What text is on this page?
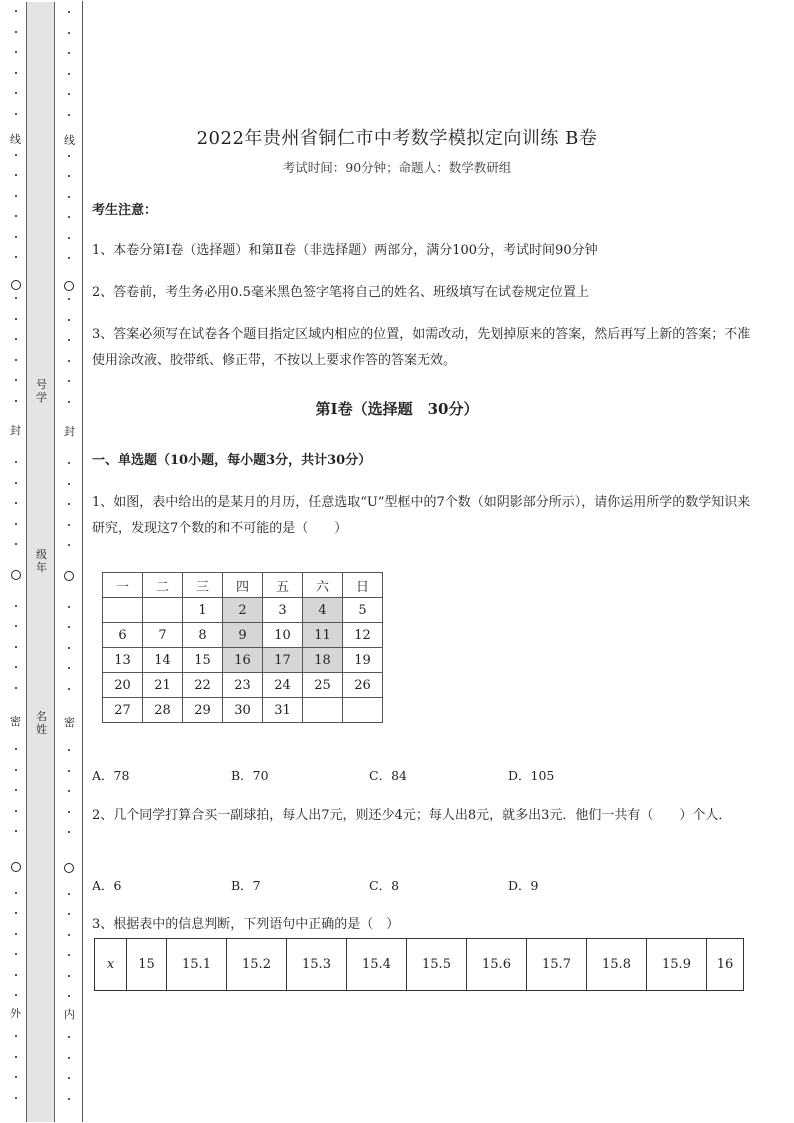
线
封
密
外
号学
级年
名姓
线
封
密
内
2022年贵州省铜仁市中考数学模拟定向训练 B卷
考试时间：90分钟；命题人：数学教研组
考生注意：
1、本卷分第I卷（选择题）和第Ⅱ卷（非选择题）两部分，满分100分，考试时间90分钟
2、答卷前，考生务必用0.5毫米黑色签字笔将自己的姓名、班级填写在试卷规定位置上
3、答案必须写在试卷各个题目指定区域内相应的位置，如需改动，先划掉原来的答案，然后再写上新的答案；不准使用涂改液、胶带纸、修正带，不按以上要求作答的答案无效。
第I卷（选择题　30分）
一、单选题（10小题，每小题3分，共计30分）
1、如图，表中给出的是某月的月历，任意选取“U”型框中的7个数（如阴影部分所示），请你运用所学的数学知识来研究，发现这7个数的和不可能的是（　　）
一	二	三	四	五	六	日
		1	2	3	4	5
6	7	8	9	10	11	12
13	14	15	16	17	18	19
20	21	22	23	24	25	26
27	28	29	30	31		
A．78	B．70	C．84	D．105
2、几个同学打算合买一副球拍，每人出7元，则还少4元；每人出8元，就多出3元．他们一共有（　　）个人．
A．6	B．7	C．8	D．9
3、根据表中的信息判断，下列语句中正确的是（　）
x	15	15.1	15.2	15.3	15.4	15.5	15.6	15.7	15.8	15.9	16
